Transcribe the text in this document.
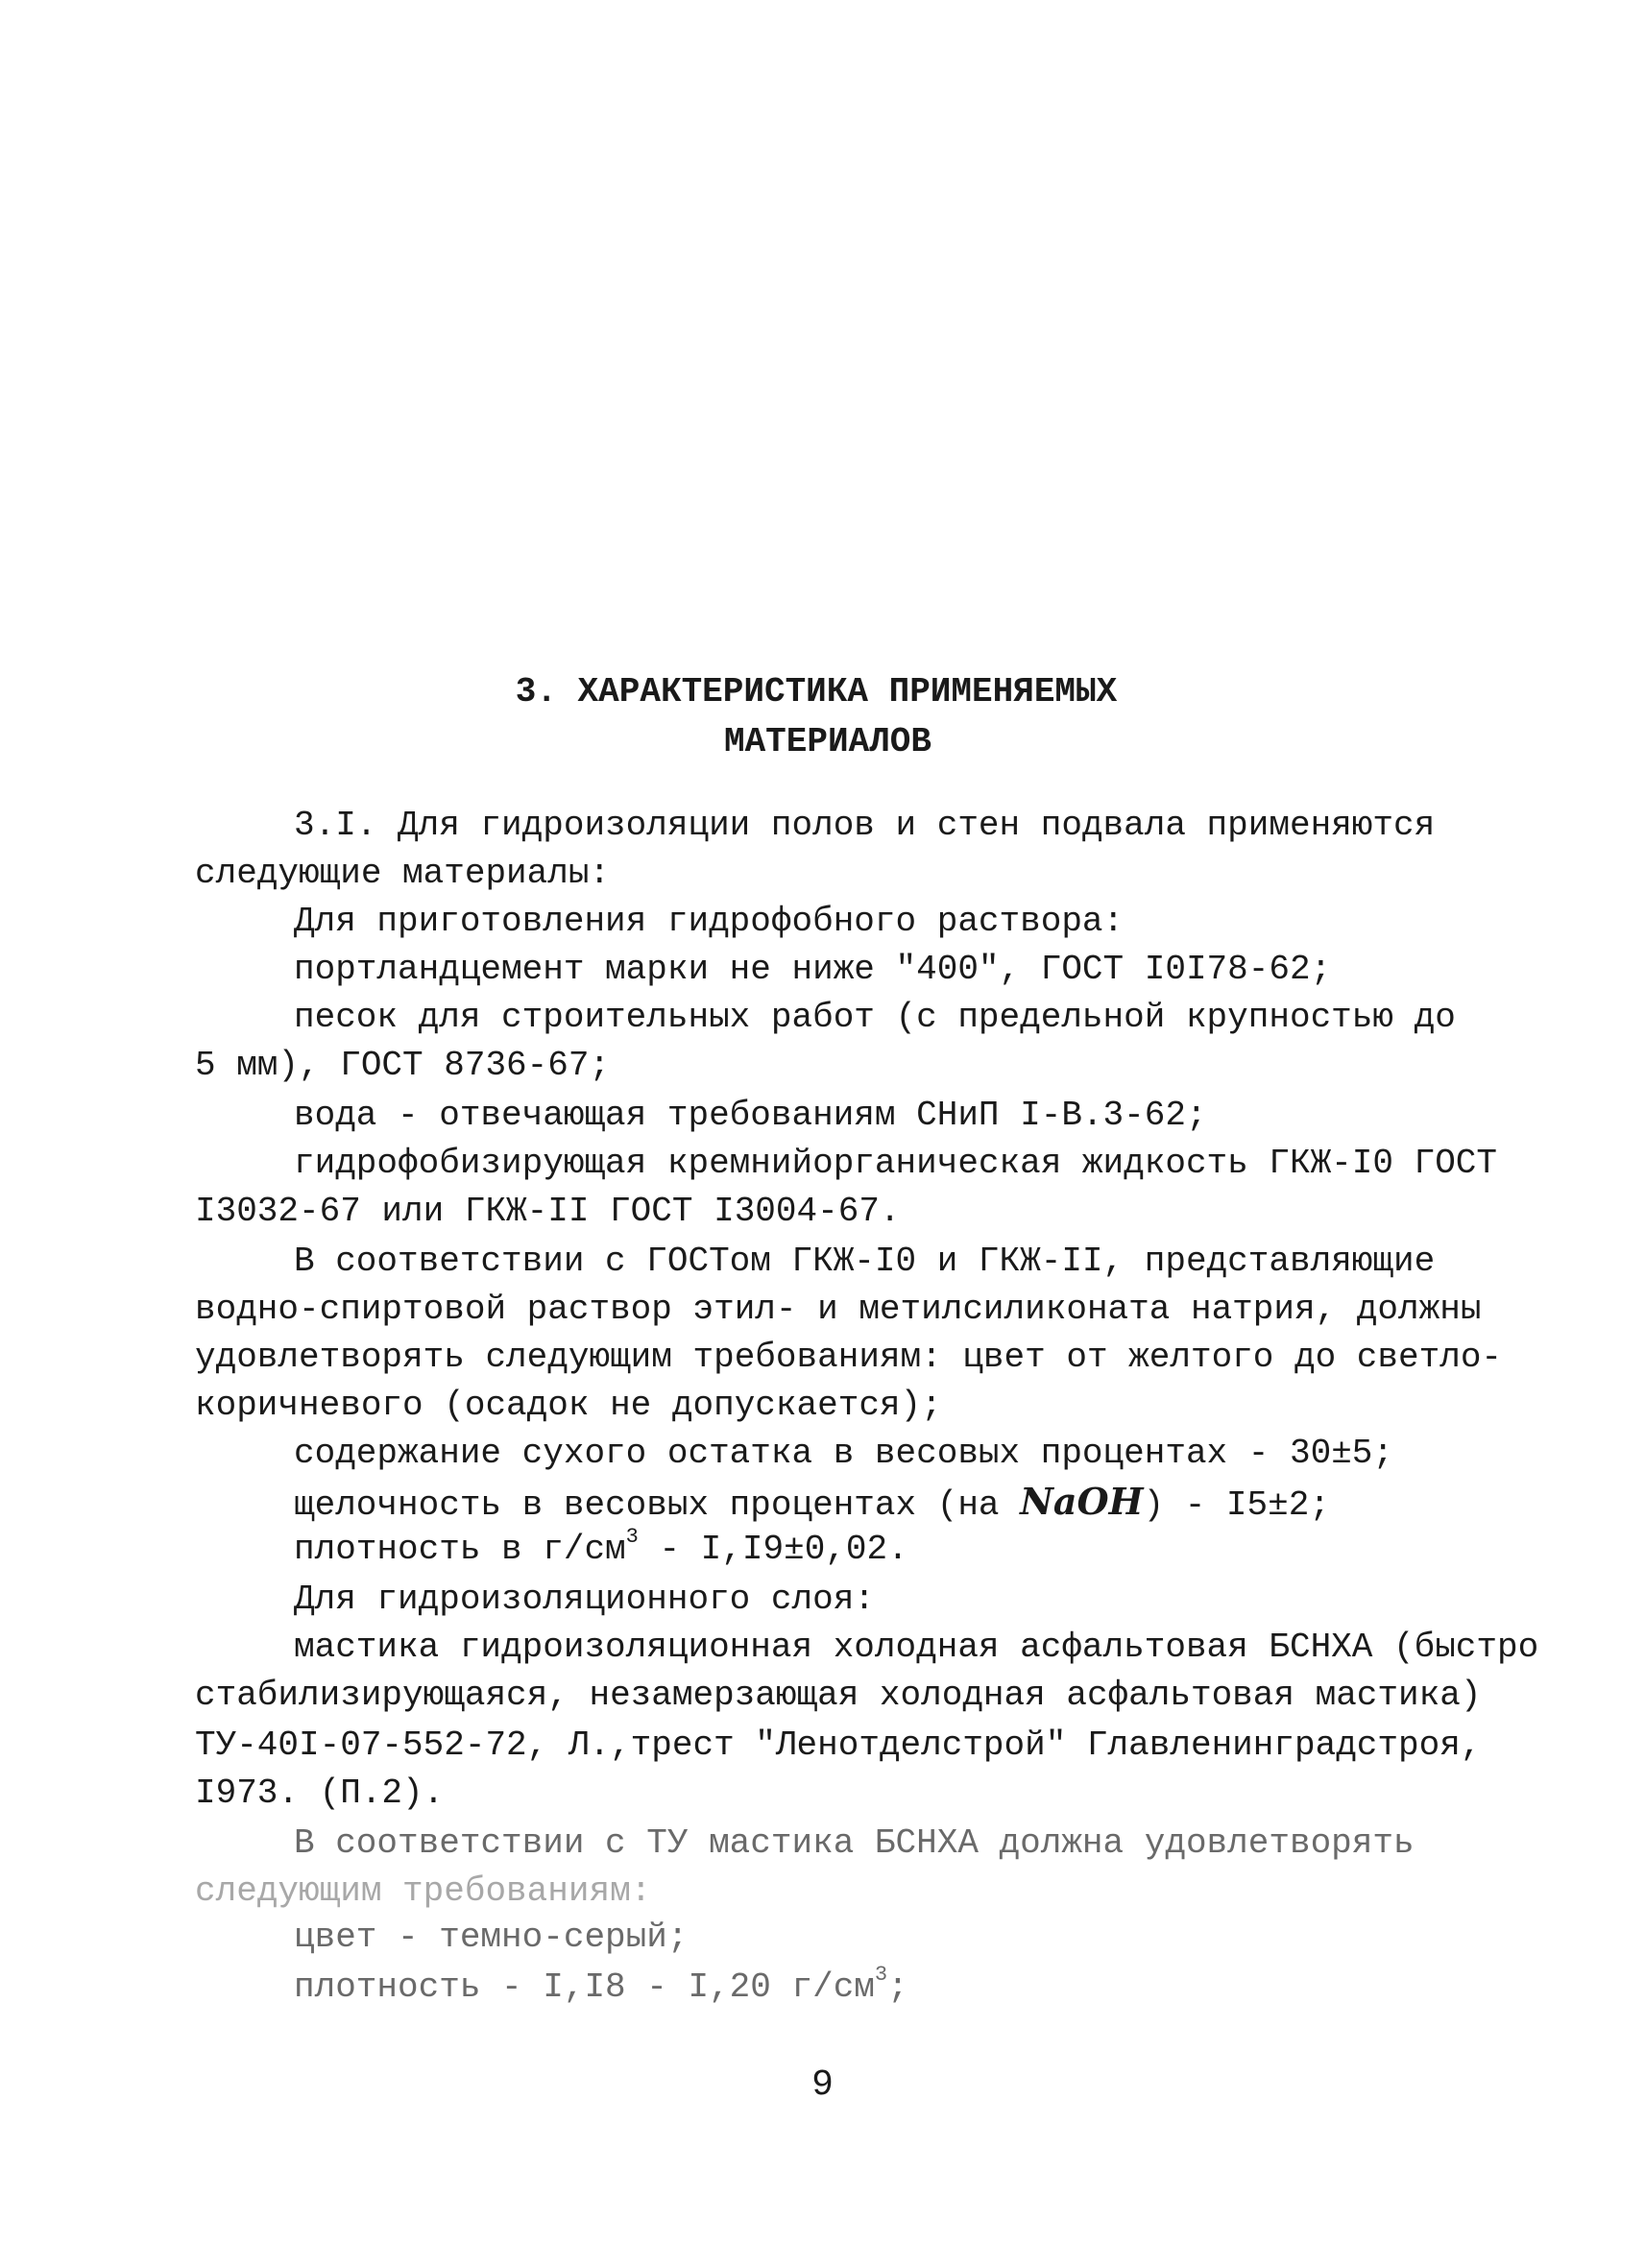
3. ХАРАКТЕРИСТИКА ПРИМЕНЯЕМЫХ
МАТЕРИАЛОВ
3.I. Для гидроизоляции полов и стен подвала применяются
следующие материалы:
Для приготовления гидрофобного раствора:
портландцемент марки не ниже "400", ГОСТ I0I78-62;
песок для строительных работ (с предельной крупностью до
5 мм), ГОСТ 8736-67;
вода - отвечающая требованиям СНиП I-В.3-62;
гидрофобизирующая кремнийорганическая жидкость ГКЖ-I0 ГОСТ
I3032-67 или ГКЖ-II ГОСТ I3004-67.
В соответствии с ГОСТом ГКЖ-I0 и ГКЖ-II, представляющие
водно-спиртовой раствор этил- и метилсиликоната натрия, должны
удовлетворять следующим требованиям: цвет от желтого до светло-
коричневого (осадок не допускается);
содержание сухого остатка в весовых процентах - 30±5;
щелочность в весовых процентах (на NaOH) - I5±2;
плотность в $г/см^3 - I,I9\pm 0,02$.
Для гидроизоляционного слоя:
мастика гидроизоляционная холодная асфальтовая БСНХА (быстро
стабилизирующаяся, незамерзающая холодная асфальтовая мастика)
ТУ-40I-07-552-72, Л.,трест "Ленотделстрой" Главленинградстроя,
I973. (П.2).
В соответствии с ТУ мастика БСНХА должна удовлетворять
следующим требованиям:
цвет - темно-серый;
плотность - I,I8 - I,20 $г/см^3$;
9
